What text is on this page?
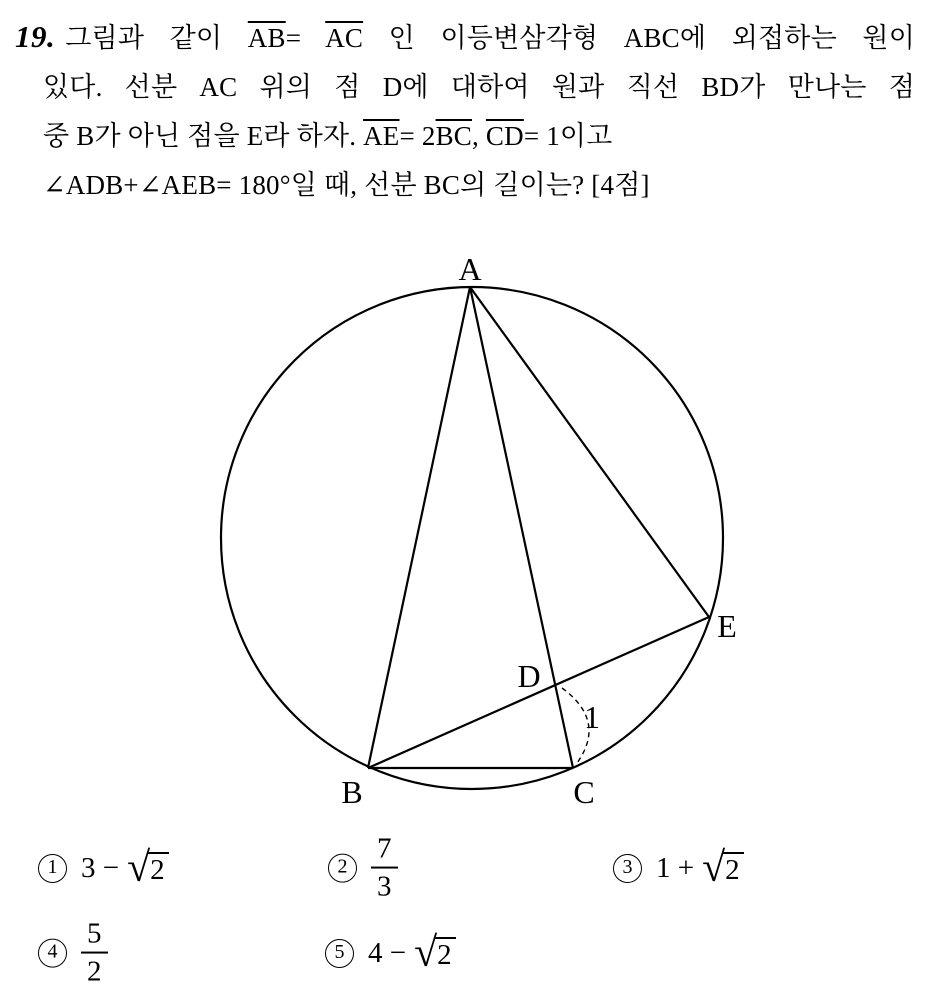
19. 그림과 같이 $\overline{AB}= \overline{AC}$ 인 이등변삼각형 ABC에 외접하는 원이
있다. 선분 AC 위의 점 D에 대하여 원과 직선 BD가 만나는 점
중 B가 아닌 점을 E라 하자. $\overline{AE}= 2\overline{BC}$, $\overline{CD}= 1$이고
∠ADB+∠AEB= 180°일 때, 선분 BC의 길이는? [4점]
A
B	C
D
E
1
1 3 − √ 2	$2 \frac{7}{3}$	3 1 + √ 2
$4 \frac{5}{2}$	5 4 − √ 2
